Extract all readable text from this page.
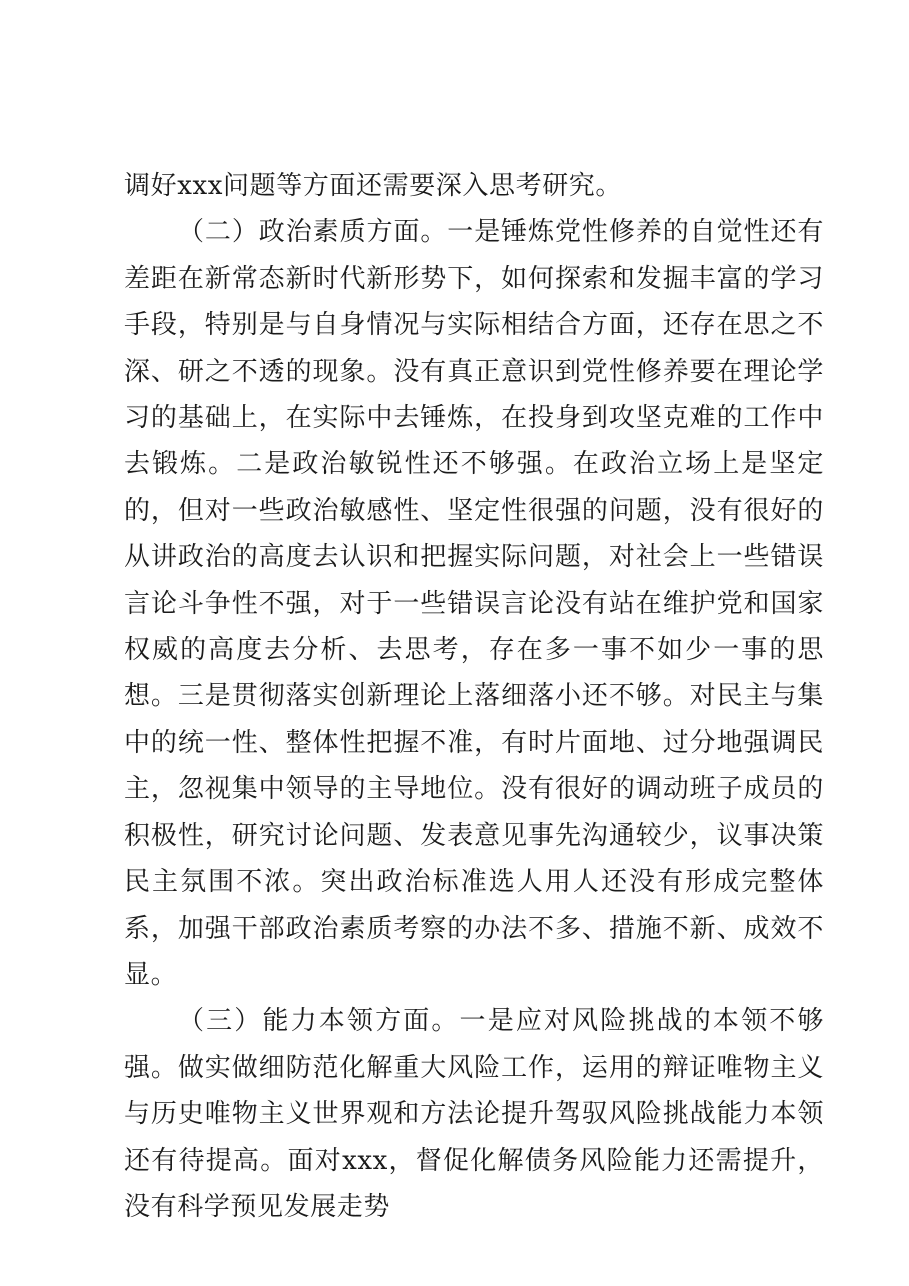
调好xxx问题等方面还需要深入思考研究。

（二）政治素质方面。一是锤炼党性修养的自觉性还有差距在新常态新时代新形势下，如何探索和发掘丰富的学习手段，特别是与自身情况与实际相结合方面，还存在思之不深、研之不透的现象。没有真正意识到党性修养要在理论学习的基础上，在实际中去锤炼，在投身到攻坚克难的工作中去锻炼。二是政治敏锐性还不够强。在政治立场上是坚定的，但对一些政治敏感性、坚定性很强的问题，没有很好的从讲政治的高度去认识和把握实际问题，对社会上一些错误言论斗争性不强，对于一些错误言论没有站在维护党和国家权威的高度去分析、去思考，存在多一事不如少一事的思想。三是贯彻落实创新理论上落细落小还不够。对民主与集中的统一性、整体性把握不准，有时片面地、过分地强调民主，忽视集中领导的主导地位。没有很好的调动班子成员的积极性，研究讨论问题、发表意见事先沟通较少，议事决策民主氛围不浓。突出政治标准选人用人还没有形成完整体系，加强干部政治素质考察的办法不多、措施不新、成效不显。

（三）能力本领方面。一是应对风险挑战的本领不够强。做实做细防范化解重大风险工作，运用的辩证唯物主义与历史唯物主义世界观和方法论提升驾驭风险挑战能力本领还有待提高。面对xxx，督促化解债务风险能力还需提升，没有科学预见发展走势
